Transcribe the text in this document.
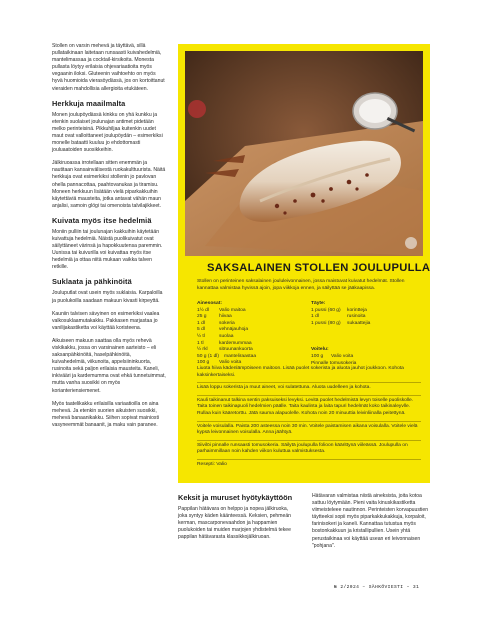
Stollen on varsin mehevä ja täyttävä, sillä pullataikinaan laitetaan runsaasti kuivahedelmiä, mantelimassaa ja cocktail-kirsikoita. Monesta pullasta löytyy erilaisia ohjevariaatioita myös vegaanin iloksi. Gluteenin vaihtoehto on myös hyvä huomioida vierasöydässä, jos on kortoittanut vieraiden mahdollisia allergioita etukäteen.

Herkkuja maailmalta

Monen joulupöydässä kinkku on yhä kunkku ja etenkin suolaiset joulunajan antimet pidetään melko perinteisinä. Pikkuhiljaa kuitenkin uudet maut ovat valloittaneet joulupöydän – esimerkiksi monelle bataatti kuuluu jo ehdottomasti jouluaatoiden suosikkeihin.

Jälkiruoassa irrotellaan sitten enemmän ja nautitaan kansainvälisestä ruokakulttuurista. Näitä herkkuja ovat esimerkiksi stollenin jo pavlovan ohella pannacottaa, paahtovanukas ja tiramisu. Moneen herkkuun lisätään vielä piparkakkuihin käytettäviä mausteita, jotka antavat vähän maun anjalisi, samoin glögi tai omenoista talvilajikkeet.

Kuivata myös itse hedelmiä

Moniin pulliin tai joulunajan kakkuihin käytetään kuivattuja hedelmiä. Näistä puolikuivatut ovat säilyttäneet värinsä ja hapokkuutensa paremmin. Uunissa tai kuivurilla voi kuivattaa myös itse hedelmiä ja ottaa niitä mukaan vaikka talven retkille.

Suklaata ja pähkinöitä

Jouluputlat ovat usein myös suklaisia. Karpaloilla ja puolukoilla saadaan makuun kivasti kirpeyttä.

Kauniin talvisen sävyinen on esimerkiksi vaalea valkosuklaamutakakku. Pakkasen marjastaa jo vanilijakastiketta voi käyttää koristeena.

Aikuiseen makuun saattaa olla myös rehevä viskikakku, jossa on varsinainen aarteisto – eli saksanpähkinöitä, haselpähkinöitä, kuivahedelmiä, viikunoita, appelsiininkuorta, rusinoita sekä paljon erilaisia mausteita. Kaneli, inkivääri ja kardemumma ovat ehkä tunnetuimmat, mutta vanha suosikki on myös korianteriensiemenet.

Myös taatelikakku erilaisilla variaatioilla on aina mehevä. Ja etenkin suorien aikuisten suosikki, mehevä banaanikakku. Siihen sopivat mainiosti vasyneemmät banaanit, ja maku vain paranee.

SAKSALAINEN STOLLEN JOULUPULLA
Stollen on perinteinen saksalainen joululeivonnainen, jossa maistuvat kuivatut hedelmät. Stollen kannattaa valmistaa hyvissä ajoin, jopa viikkoja ennen, ja säilyttää se jääkaapissa.
Ainesosat:
1½ dl	Valio maitoa
25 g	hiivaa
1 dl	sokeria
5 dl	vehnäjauhoja
½ tl	suolaa
1 tl	kardemummaa
½ rkl	sitruunankuorta
50 g (1 dl)	manteliraastaa
100 g	Valio voita
Täyte:
1 pussi (60 g)	korintteja
1 dl	rusinoita
1 pussi (80 g)	sukaattejia
Voitelu:
100 g	Valio voita
Pinnalle tomusokeria

Liuota hiiva kädenlämpöiseen maitoon. Lisää puolet sokerista ja aluota jauhot joukkoon. Kohota kaksinkertaiseksi.

Lisää loppu sokerista ja muut aineet, voi sulatettuna. Aluota uudelleen ja kohota.

Kauli taikinanut talkina sentin paksuiseksi levyksi. Levitä puolet hedelmistä levyn toiselle puoliskolle. Taita toinen taikinapuoli hedelmien päälle. Taita kaulinta ja laita tapuri hedelmät koko taikinaleyvlle. Rullaa kuin kääretorttu. Jätä sauma alapuolelle. Kohota noin 20 minuuttia leivinliinalla peitettynä.

Voitele voisulalla. Paista 200 asteessa noin 30 min. Voitele paistamisen aikana voisulalla. Voitele vielä kypsä leivonnainen voisulalla. Anna jäähtyä.

Siivilöi pinnalle runsaasti tomusokeria. Säilytä joulupulla folioon käärittynä viileässä. Joulupulla on parhaimmillaan noin kahden viikon kuluttua valmistuksesta.

Resepti: Valio

Keksit ja muruset hyötykäyttöön

Pappilan hätävara on helppo ja nopea jälkiruoka, joka syntyy käden käänteessä. Keksien, pehmeän kerman, mascarponevaahdon ja happamien puolukoiden tai muiden marjojen yhdistelmä tekee pappilan hätävarasta klassikkojälkiruoan.

Hätävaran valmistaa niistä aineksista, joita kotoa sattuu löytymään. Pieni vaita kinuskikastiketta viimeisteleee nautinnon. Perinteisten korvapuustien täytteeksi sopii myös piparkakkukakkuja, korpaloit, farinisokeri ja kaneli. Kannattaa tutustua myös bostonkakkuun ja kristallipullien. Usein yhtä perustaikinaa voi käyttää usean eri leivonnaisen "pohjana".

№ 2/2024 – SÄHKÖVIESTI – 31
